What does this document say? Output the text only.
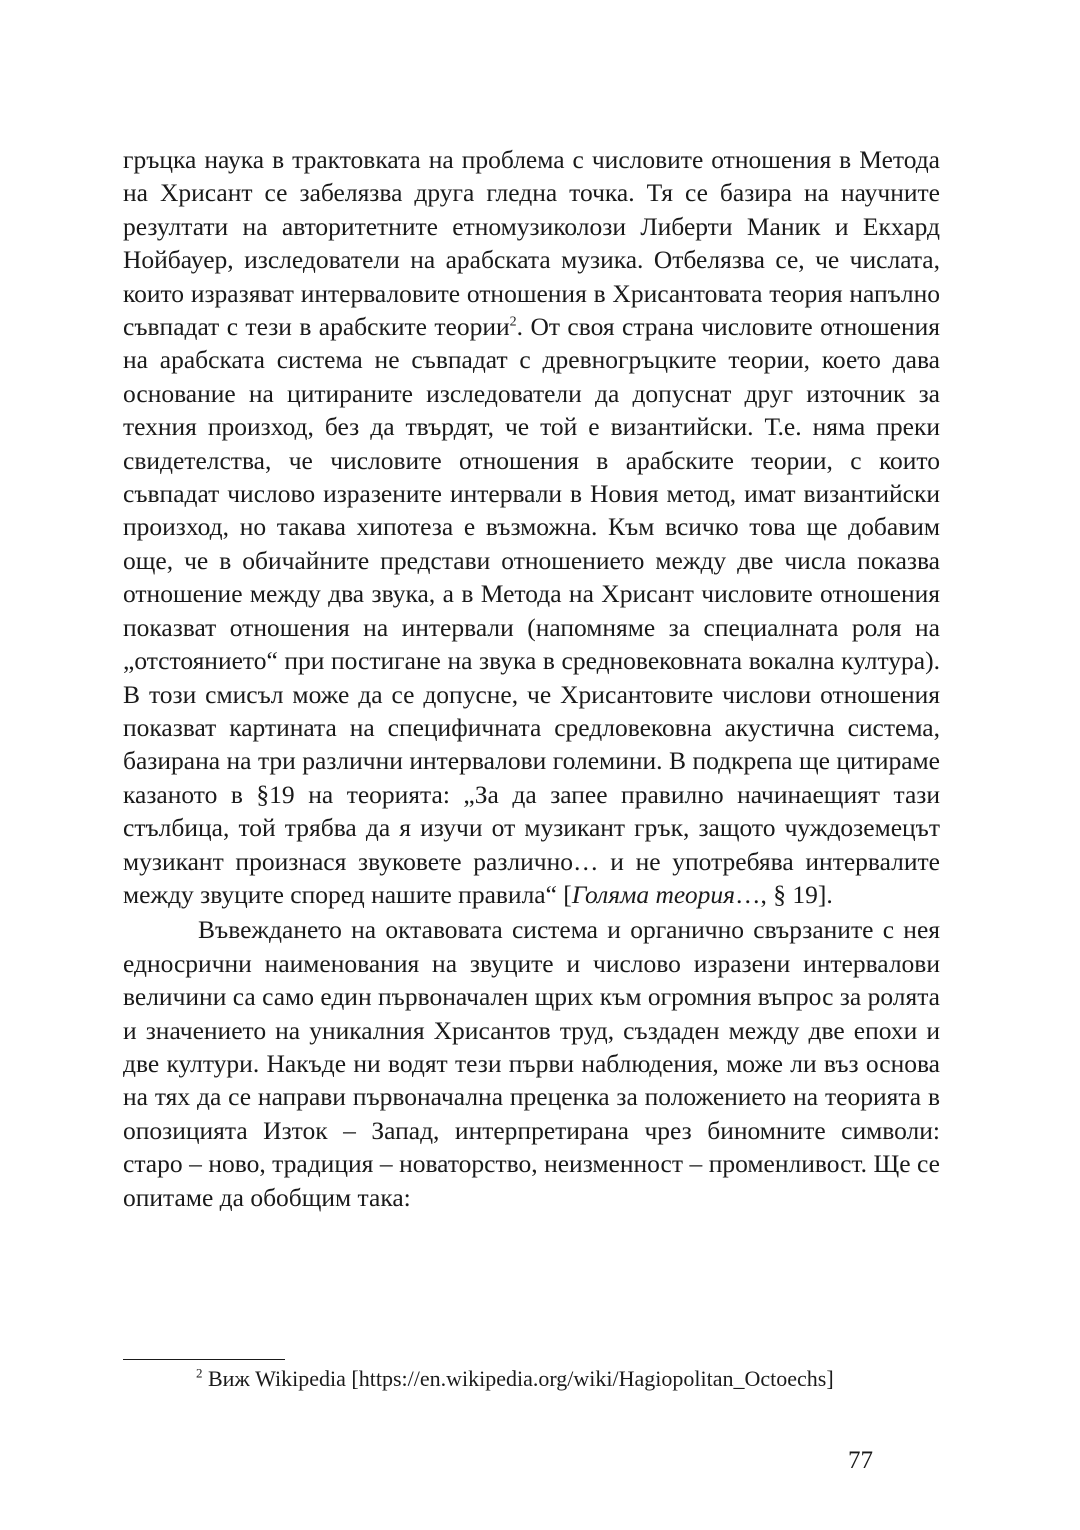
гръцка наука в трактовката на проблема с числовите отношения в Метода на Хрисант се забелязва друга гледна точка. Тя се базира на научните резултати на авторитетните етномузиколози Либерти Маник и Екхард Нойбауер, изследователи на арабската музика. Отбелязва се, че числата, които изразяват интерваловите отношения в Хрисантовата теория напълно съвпадат с тези в арабските теории$^2$. От своя страна числовите отношения на арабската система не съвпадат с древногръцките теории, което дава основание на цитираните изследователи да допуснат друг източник за техния произход, без да твърдят, че той е византийски. Т.е. няма преки свидетелства, че числовите отношения в арабските теории, с които съвпадат числово изразените интервали в Новия метод, имат византийски произход, но такава хипотеза е възможна. Към всичко това ще добавим още, че в обичайните представи отношението между две числа показва отношение между два звука, а в Метода на Хрисант числовите отношения показват отношения на интервали (напомняме за специалната роля на „отстоянието“ при постигане на звука в средновековната вокална култура). В този смисъл може да се допусне, че Хрисантовите числови отношения показват картината на специфичната средловековна акустична система, базирана на три различни интервалови големини. В подкрепа ще цитираме казаното в §19 на теорията: „За да запее правилно начинаещият тази стълбица, той трябва да я изучи от музикант грък, защото чуждоземецът музикант произнася звуковете различно… и не употребява интервалите между звуците според нашите правила“ [Голяма теория…, § 19].

Въвеждането на октавовата система и органично свързаните с нея едносрични наименования на звуците и числово изразени интервалови величини са само един първоначален щрих към огромния въпрос за ролята и значението на уникалния Хрисантов труд, създаден между две епохи и две култури. Накъде ни водят тези първи наблюдения, може ли въз основа на тях да се направи първоначална преценка за положението на теорията в опозицията Изток – Запад, интерпретирана чрез биномните символи: старо – ново, традиция – новаторство, неизменност – променливост. Ще се опитаме да обобщим така:

$^2$ Виж Wikipedia [https://en.wikipedia.org/wiki/Hagiopolitan_Octoechs]
77
